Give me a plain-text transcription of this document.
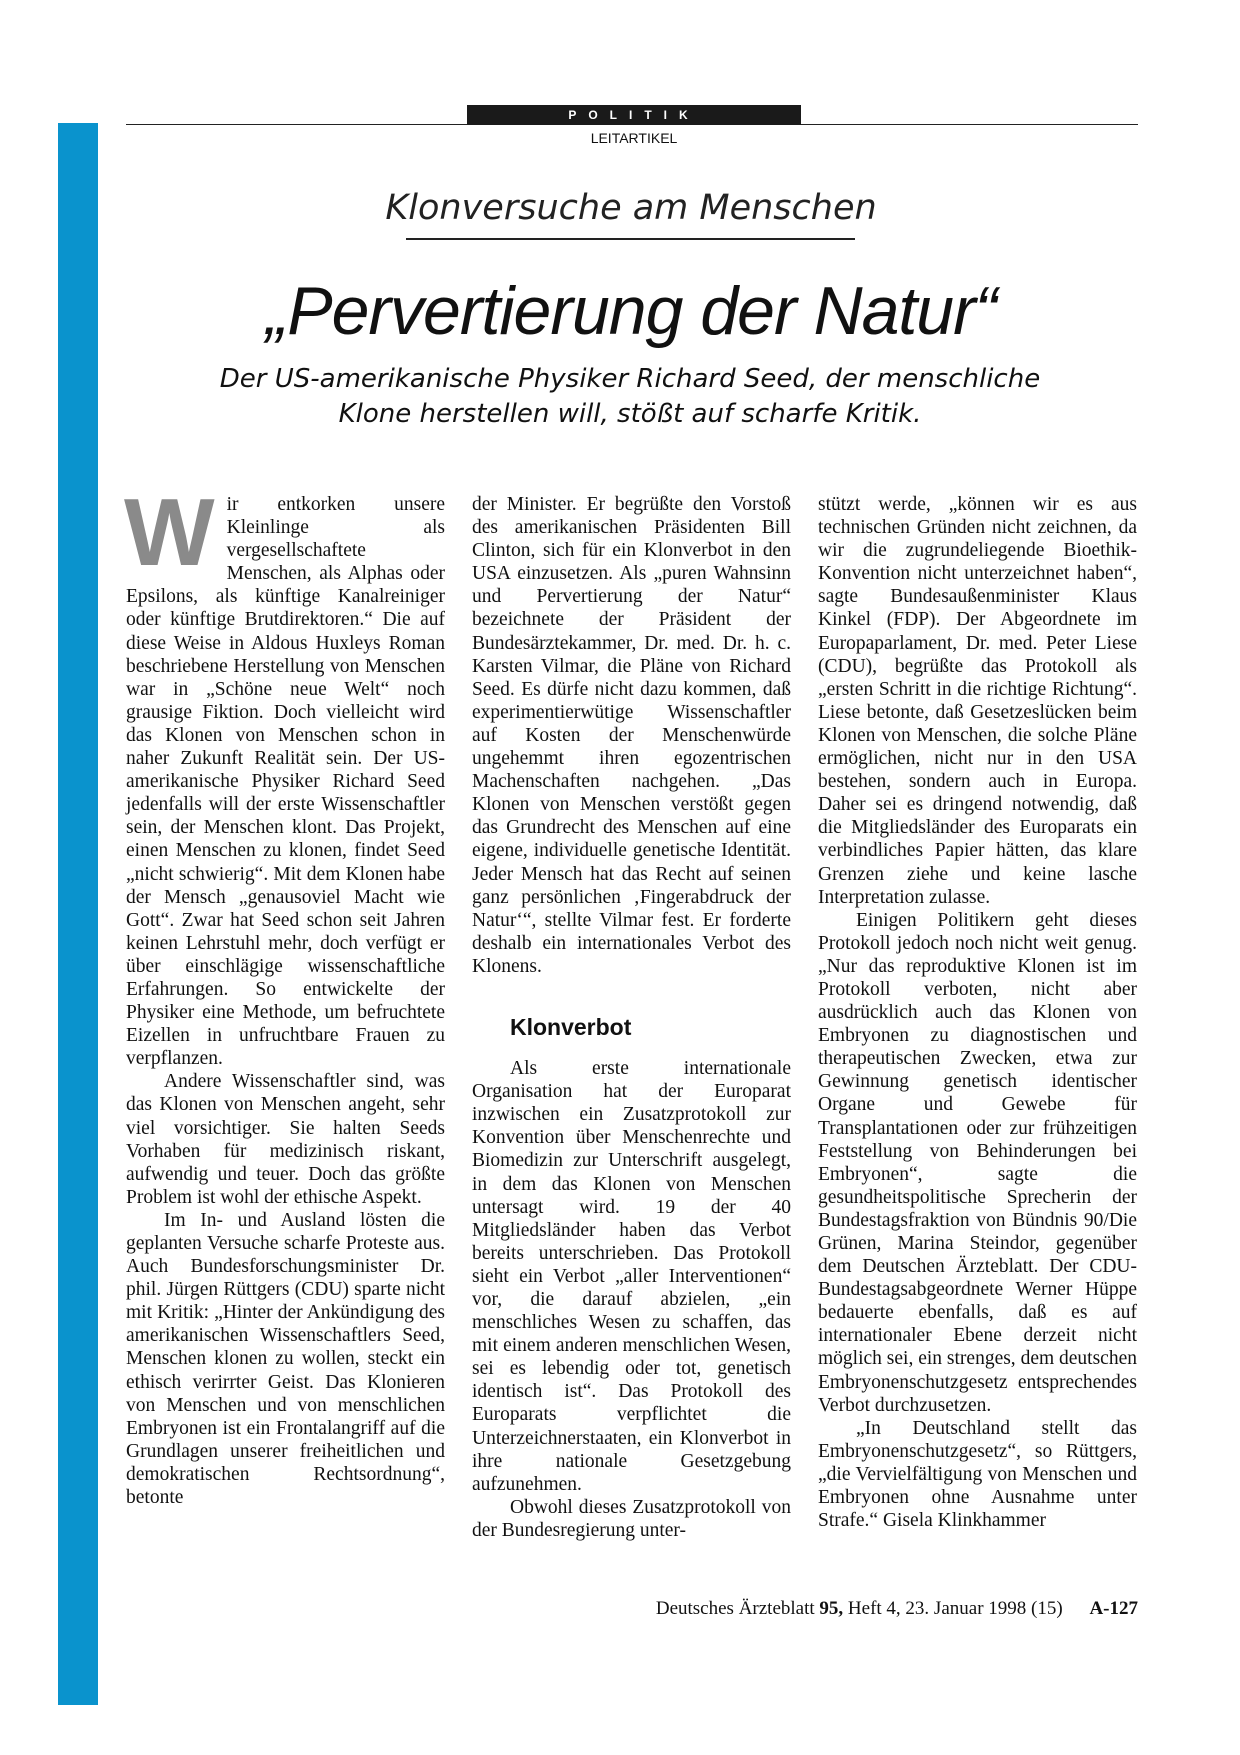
POLITIK
LEITARTIKEL
Klonversuche am Menschen
„Pervertierung der Natur“
Der US-amerikanische Physiker Richard Seed, der menschliche Klone herstellen will, stößt auf scharfe Kritik.

Wir entkorken unsere Kleinlinge als vergesellschaftete Menschen, als Alphas oder Epsilons, als künftige Kanalreiniger oder künftige Brutdirektoren.“ Die auf diese Weise in Aldous Huxleys Roman beschriebene Herstellung von Menschen war in „Schöne neue Welt“ noch grausige Fiktion. Doch vielleicht wird das Klonen von Menschen schon in naher Zukunft Realität sein. Der US-amerikanische Physiker Richard Seed jedenfalls will der erste Wissenschaftler sein, der Menschen klont. Das Projekt, einen Menschen zu klonen, findet Seed „nicht schwierig“. Mit dem Klonen habe der Mensch „genausoviel Macht wie Gott“. Zwar hat Seed schon seit Jahren keinen Lehrstuhl mehr, doch verfügt er über einschlägige wissenschaftliche Erfahrungen. So entwickelte der Physiker eine Methode, um befruchtete Eizellen in unfruchtbare Frauen zu verpflanzen.

Andere Wissenschaftler sind, was das Klonen von Menschen angeht, sehr viel vorsichtiger. Sie halten Seeds Vorhaben für medizinisch riskant, aufwendig und teuer. Doch das größte Problem ist wohl der ethische Aspekt.

Im In- und Ausland lösten die geplanten Versuche scharfe Proteste aus. Auch Bundesforschungsminister Dr. phil. Jürgen Rüttgers (CDU) sparte nicht mit Kritik: „Hinter der Ankündigung des amerikanischen Wissenschaftlers Seed, Menschen klonen zu wollen, steckt ein ethisch verirrter Geist. Das Klonieren von Menschen und von menschlichen Embryonen ist ein Frontalangriff auf die Grundlagen unserer freiheitlichen und demokratischen Rechtsordnung“, betonte

der Minister. Er begrüßte den Vorstoß des amerikanischen Präsidenten Bill Clinton, sich für ein Klonverbot in den USA einzusetzen. Als „puren Wahnsinn und Pervertierung der Natur“ bezeichnete der Präsident der Bundesärztekammer, Dr. med. Dr. h. c. Karsten Vilmar, die Pläne von Richard Seed. Es dürfe nicht dazu kommen, daß experimentierwütige Wissenschaftler auf Kosten der Menschenwürde ungehemmt ihren egozentrischen Machenschaften nachgehen. „Das Klonen von Menschen verstößt gegen das Grundrecht des Menschen auf eine eigene, individuelle genetische Identität. Jeder Mensch hat das Recht auf seinen ganz persönlichen ‚Fingerabdruck der Natur‘“, stellte Vilmar fest. Er forderte deshalb ein internationales Verbot des Klonens.

Klonverbot

Als erste internationale Organisation hat der Europarat inzwischen ein Zusatzprotokoll zur Konvention über Menschenrechte und Biomedizin zur Unterschrift ausgelegt, in dem das Klonen von Menschen untersagt wird. 19 der 40 Mitgliedsländer haben das Verbot bereits unterschrieben. Das Protokoll sieht ein Verbot „aller Interventionen“ vor, die darauf abzielen, „ein menschliches Wesen zu schaffen, das mit einem anderen menschlichen Wesen, sei es lebendig oder tot, genetisch identisch ist“. Das Protokoll des Europarats verpflichtet die Unterzeichnerstaaten, ein Klonverbot in ihre nationale Gesetzgebung aufzunehmen.

Obwohl dieses Zusatzprotokoll von der Bundesregierung unter-

stützt werde, „können wir es aus technischen Gründen nicht zeichnen, da wir die zugrundeliegende Bioethik-Konvention nicht unterzeichnet haben“, sagte Bundesaußenminister Klaus Kinkel (FDP). Der Abgeordnete im Europaparlament, Dr. med. Peter Liese (CDU), begrüßte das Protokoll als „ersten Schritt in die richtige Richtung“. Liese betonte, daß Gesetzeslücken beim Klonen von Menschen, die solche Pläne ermöglichen, nicht nur in den USA bestehen, sondern auch in Europa. Daher sei es dringend notwendig, daß die Mitgliedsländer des Europarats ein verbindliches Papier hätten, das klare Grenzen ziehe und keine lasche Interpretation zulasse.

Einigen Politikern geht dieses Protokoll jedoch noch nicht weit genug. „Nur das reproduktive Klonen ist im Protokoll verboten, nicht aber ausdrücklich auch das Klonen von Embryonen zu diagnostischen und therapeutischen Zwecken, etwa zur Gewinnung genetisch identischer Organe und Gewebe für Transplantationen oder zur frühzeitigen Feststellung von Behinderungen bei Embryonen“, sagte die gesundheitspolitische Sprecherin der Bundestagsfraktion von Bündnis 90/Die Grünen, Marina Steindor, gegenüber dem Deutschen Ärzteblatt. Der CDU-Bundestagsabgeordnete Werner Hüppe bedauerte ebenfalls, daß es auf internationaler Ebene derzeit nicht möglich sei, ein strenges, dem deutschen Embryonenschutzgesetz entsprechendes Verbot durchzusetzen.

„In Deutschland stellt das Embryonenschutzgesetz“, so Rüttgers, „die Vervielfältigung von Menschen und Embryonen ohne Ausnahme unter Strafe.“ Gisela Klinkhammer

Deutsches Ärzteblatt 95, Heft 4, 23. Januar 1998 (15) A-127
